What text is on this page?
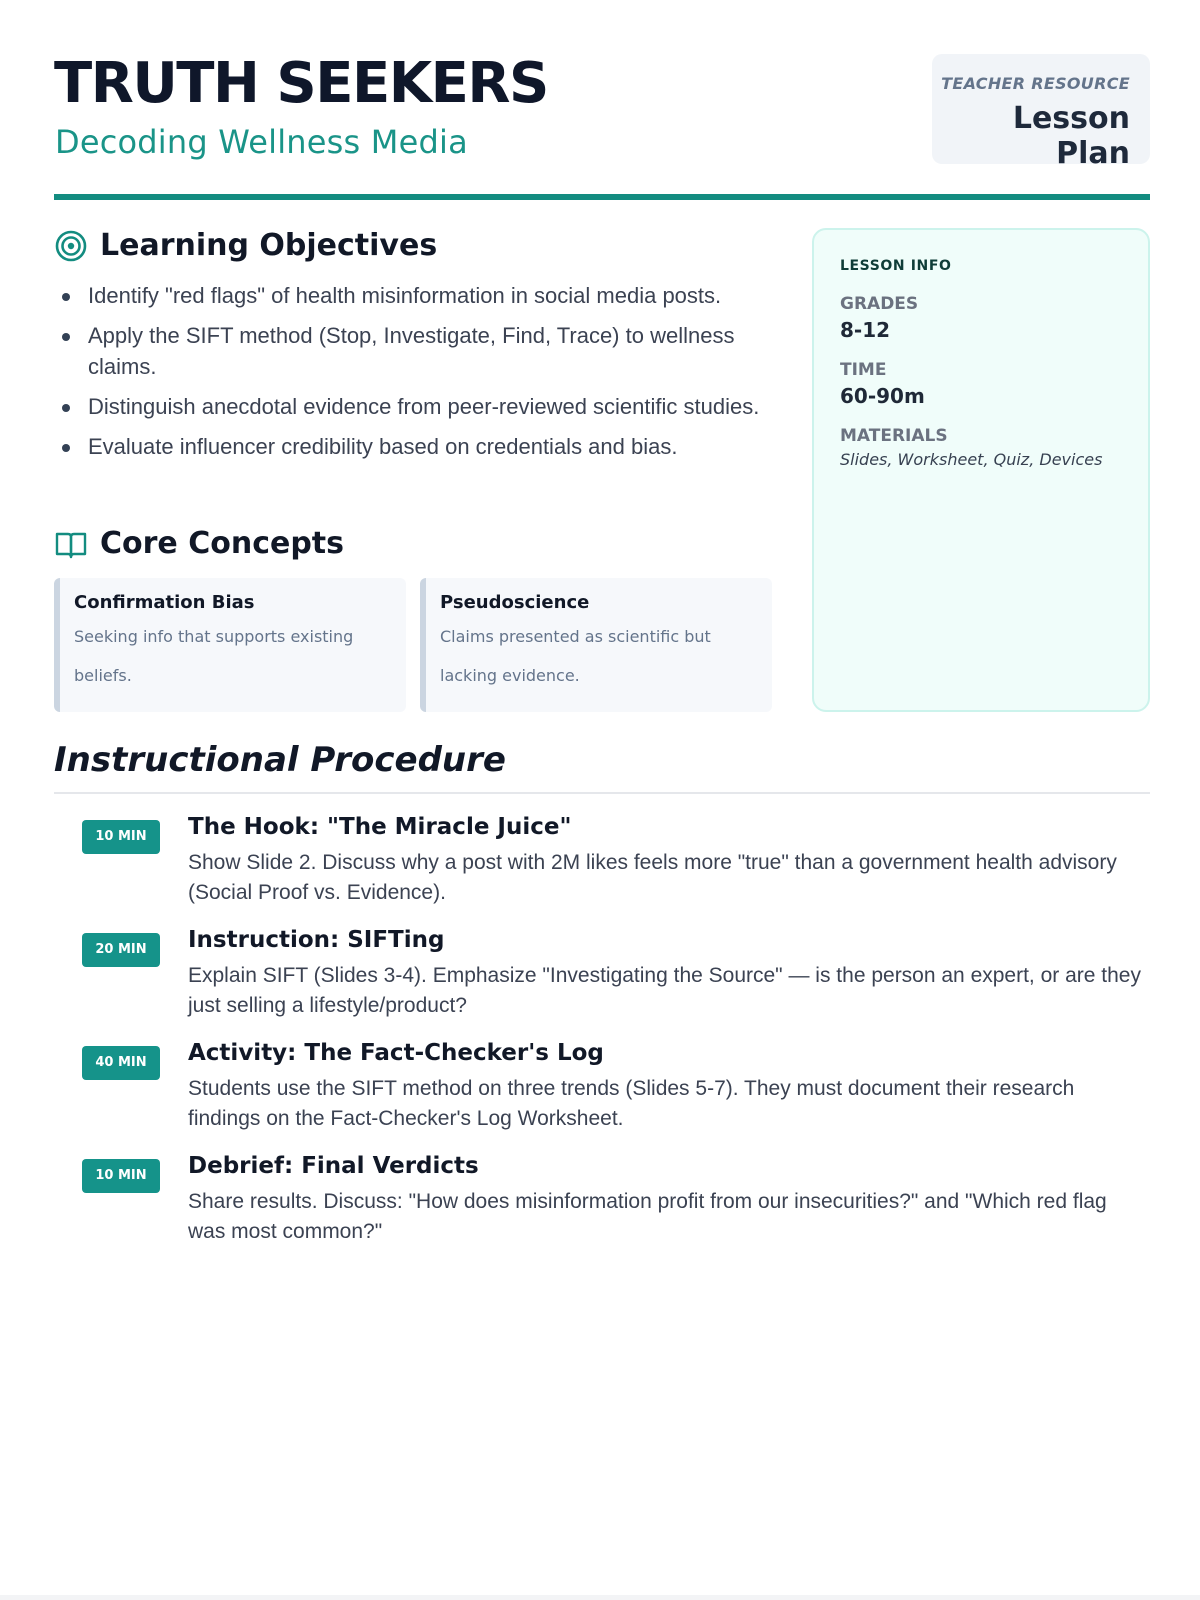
TRUTH SEEKERS
Decoding Wellness Media
TEACHER RESOURCE
Lesson Plan
Learning Objectives
Identify "red flags" of health misinformation in social media posts.
Apply the SIFT method (Stop, Investigate, Find, Trace) to wellness claims.
Distinguish anecdotal evidence from peer-reviewed scientific studies.
Evaluate influencer credibility based on credentials and bias.
Core Concepts
Confirmation Bias
Seeking info that supports existing beliefs.
Pseudoscience
Claims presented as scientific but lacking evidence.
LESSON INFO
GRADES
8-12
TIME
60-90m
MATERIALS
Slides, Worksheet, Quiz, Devices
Instructional Procedure
10 MIN	The Hook: "The Miracle Juice"
Show Slide 2. Discuss why a post with 2M likes feels more "true" than a government health advisory (Social Proof vs. Evidence).
20 MIN	Instruction: SIFTing
Explain SIFT (Slides 3-4). Emphasize "Investigating the Source" — is the person an expert, or are they just selling a lifestyle/product?
40 MIN	Activity: The Fact-Checker's Log
Students use the SIFT method on three trends (Slides 5-7). They must document their research findings on the Fact-Checker's Log Worksheet.
10 MIN	Debrief: Final Verdicts
Share results. Discuss: "How does misinformation profit from our insecurities?" and "Which red flag was most common?"
